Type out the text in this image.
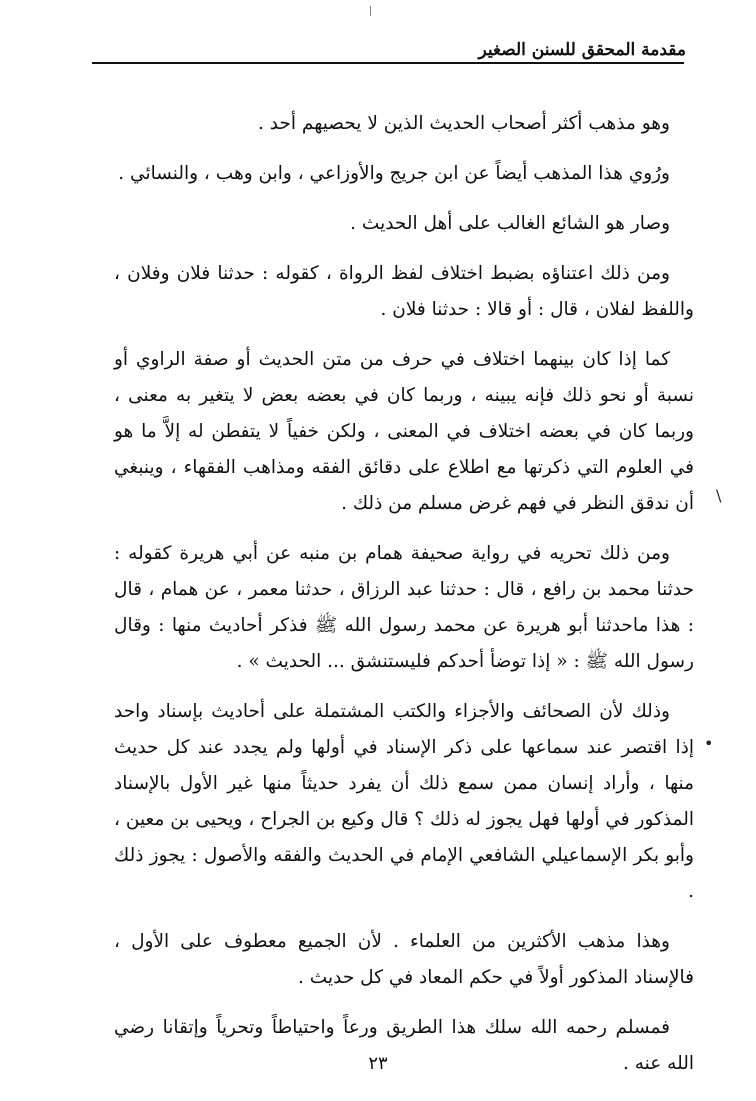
مقدمة المحقق للسنن الصغير

وهو مذهب أكثر أصحاب الحديث الذين لا يحصيهم أحد .

ورُوي هذا المذهب أيضاً عن ابن جريج والأوزاعي ، وابن وهب ، والنسائي .

وصار هو الشائع الغالب على أهل الحديث .

ومن ذلك اعتناؤه بضبط اختلاف لفظ الرواة ، كقوله : حدثنا فلان وفلان ، واللفظ لفلان ، قال : أو قالا : حدثنا فلان .

كما إذا كان بينهما اختلاف في حرف من متن الحديث أو صفة الراوي أو نسبة أو نحو ذلك فإنه يبينه ، وربما كان في بعضه بعض لا يتغير به معنى ، وربما كان في بعضه اختلاف في المعنى ، ولكن خفياً لا يتفطن له إلاَّ ما هو في العلوم التي ذكرتها مع اطلاع على دقائق الفقه ومذاهب الفقهاء ، وينبغي أن ندقق النظر في فهم غرض مسلم من ذلك .

ومن ذلك تحريه في رواية صحيفة همام بن منبه عن أبي هريرة كقوله : حدثنا محمد بن رافع ، قال : حدثنا عبد الرزاق ، حدثنا معمر ، عن همام ، قال : هذا ماحدثنا أبو هريرة عن محمد رسول الله ﷺ فذكر أحاديث منها : وقال رسول الله ﷺ : « إذا توضأ أحدكم فليستنشق ... الحديث » .

وذلك لأن الصحائف والأجزاء والكتب المشتملة على أحاديث بإسناد واحد إذا اقتصر عند سماعها على ذكر الإسناد في أولها ولم يجدد عند كل حديث منها ، وأراد إنسان ممن سمع ذلك أن يفرد حديثاً منها غير الأول بالإسناد المذكور في أولها فهل يجوز له ذلك ؟ قال وكيع بن الجراح ، ويحيى بن معين ، وأبو بكر الإسماعيلي الشافعي الإمام في الحديث والفقه والأصول : يجوز ذلك .

وهذا مذهب الأكثرين من العلماء . لأن الجميع معطوف على الأول ، فالإسناد المذكور أولاً في حكم المعاد في كل حديث .

فمسلم رحمه الله سلك هذا الطريق ورعاً واحتياطاً وتحرياً وإتقانا رضي الله عنه .

\
•
٢٣
